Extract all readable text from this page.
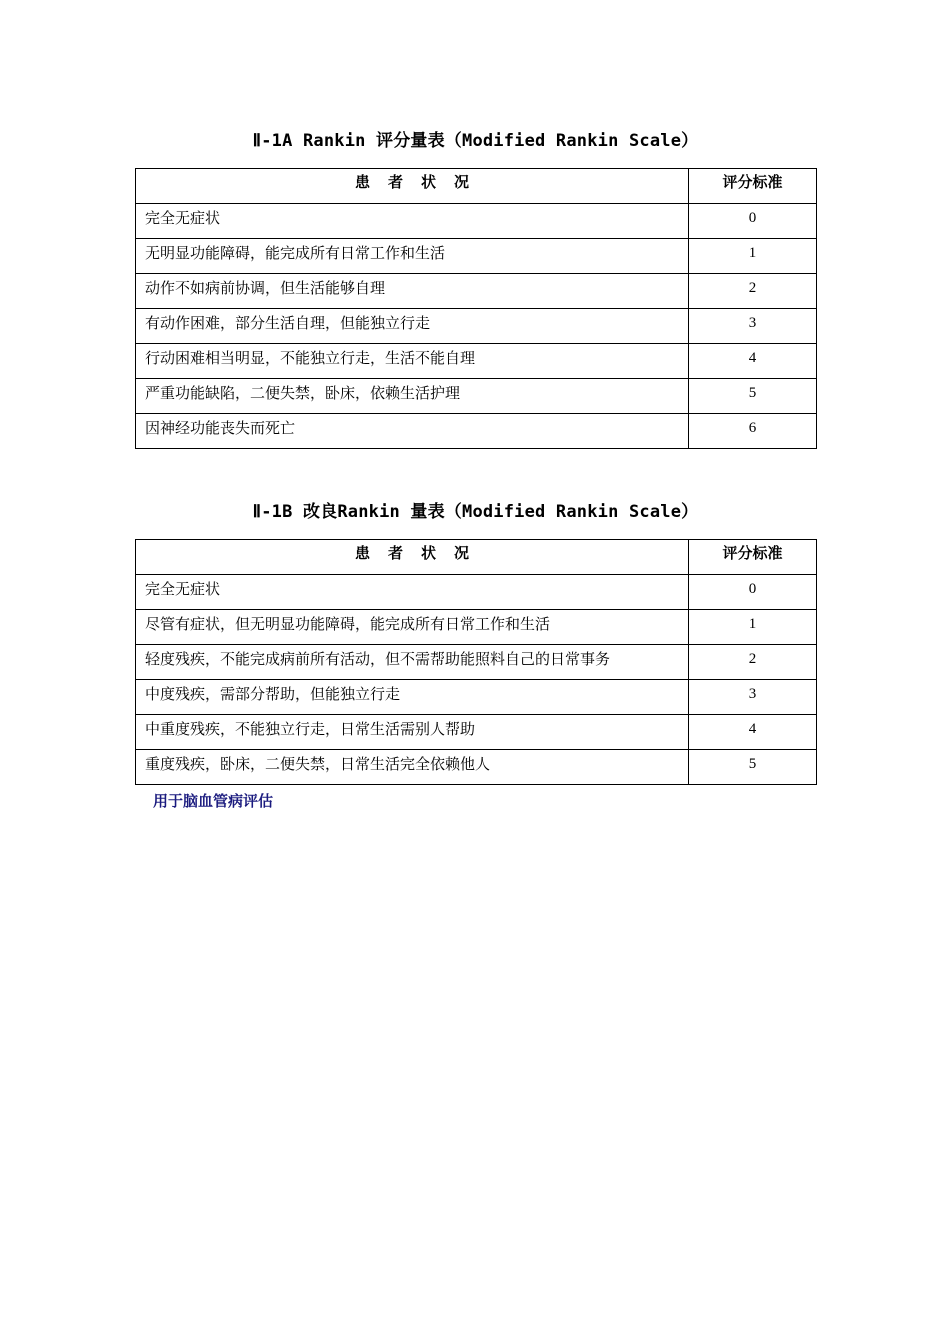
Ⅱ-1A Rankin 评分量表（Modified Rankin Scale）
患者状况	评分标准
完全无症状	0
无明显功能障碍，能完成所有日常工作和生活	1
动作不如病前协调，但生活能够自理	2
有动作困难，部分生活自理，但能独立行走	3
行动困难相当明显，不能独立行走，生活不能自理	4
严重功能缺陷，二便失禁，卧床，依赖生活护理	5
因神经功能丧失而死亡	6
Ⅱ-1B 改良Rankin 量表（Modified Rankin Scale）
患者状况	评分标准
完全无症状	0
尽管有症状，但无明显功能障碍，能完成所有日常工作和生活	1
轻度残疾，不能完成病前所有活动，但不需帮助能照料自己的日常事务	2
中度残疾，需部分帮助，但能独立行走	3
中重度残疾，不能独立行走，日常生活需别人帮助	4
重度残疾，卧床，二便失禁，日常生活完全依赖他人	5
用于脑血管病评估
